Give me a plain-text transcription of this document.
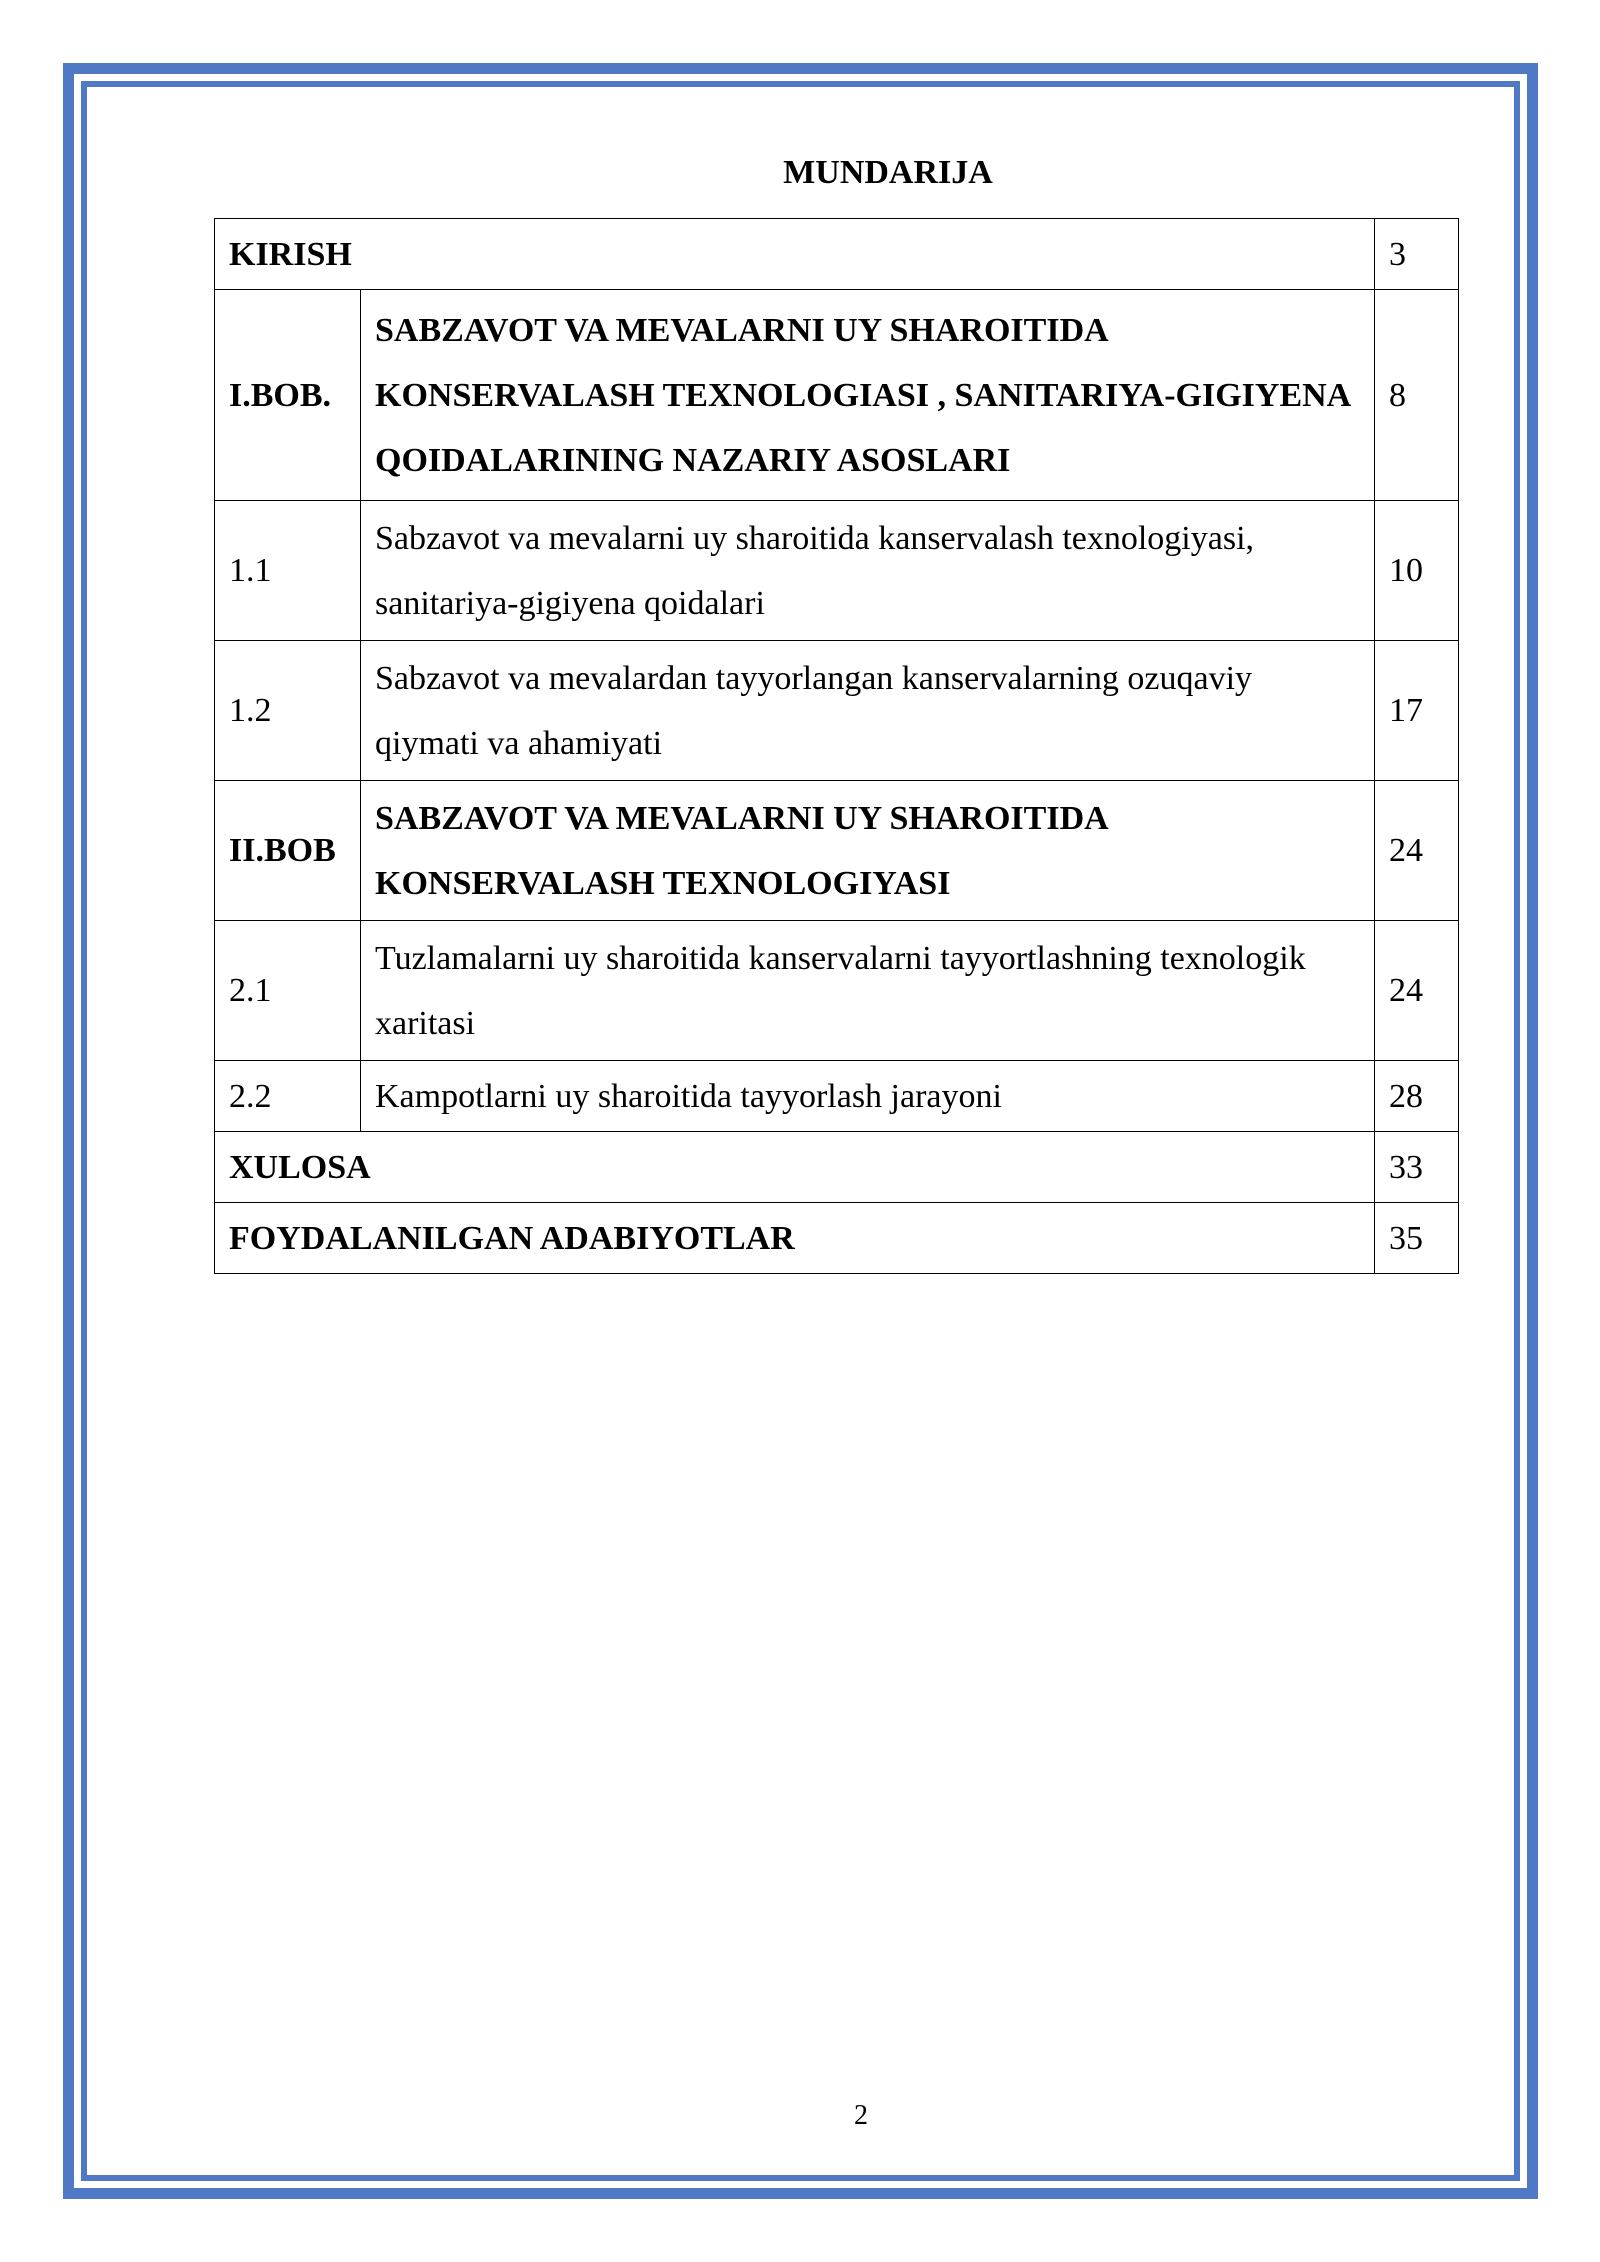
MUNDARIJA
KIRISH		3
I.BOB.	SABZAVOT VA MEVALARNI UY SHAROITIDA KONSERVALASH TEXNOLOGIASI , SANITARIYA-GIGIYENA QOIDALARINING NAZARIY ASOSLARI	8
1.1	Sabzavot va mevalarni uy sharoitida kanservalash texnologiyasi, sanitariya-gigiyena qoidalari	10
1.2	Sabzavot va mevalardan tayyorlangan kanservalarning ozuqaviy qiymati va ahamiyati	17
II.BOB	SABZAVOT VA MEVALARNI UY SHAROITIDA KONSERVALASH TEXNOLOGIYASI	24
2.1	Tuzlamalarni uy sharoitida kanservalarni tayyortlashning texnologik xaritasi	24
2.2	Kampotlarni uy sharoitida tayyorlash jarayoni	28
XULOSA		33
FOYDALANILGAN ADABIYOTLAR		35
2
